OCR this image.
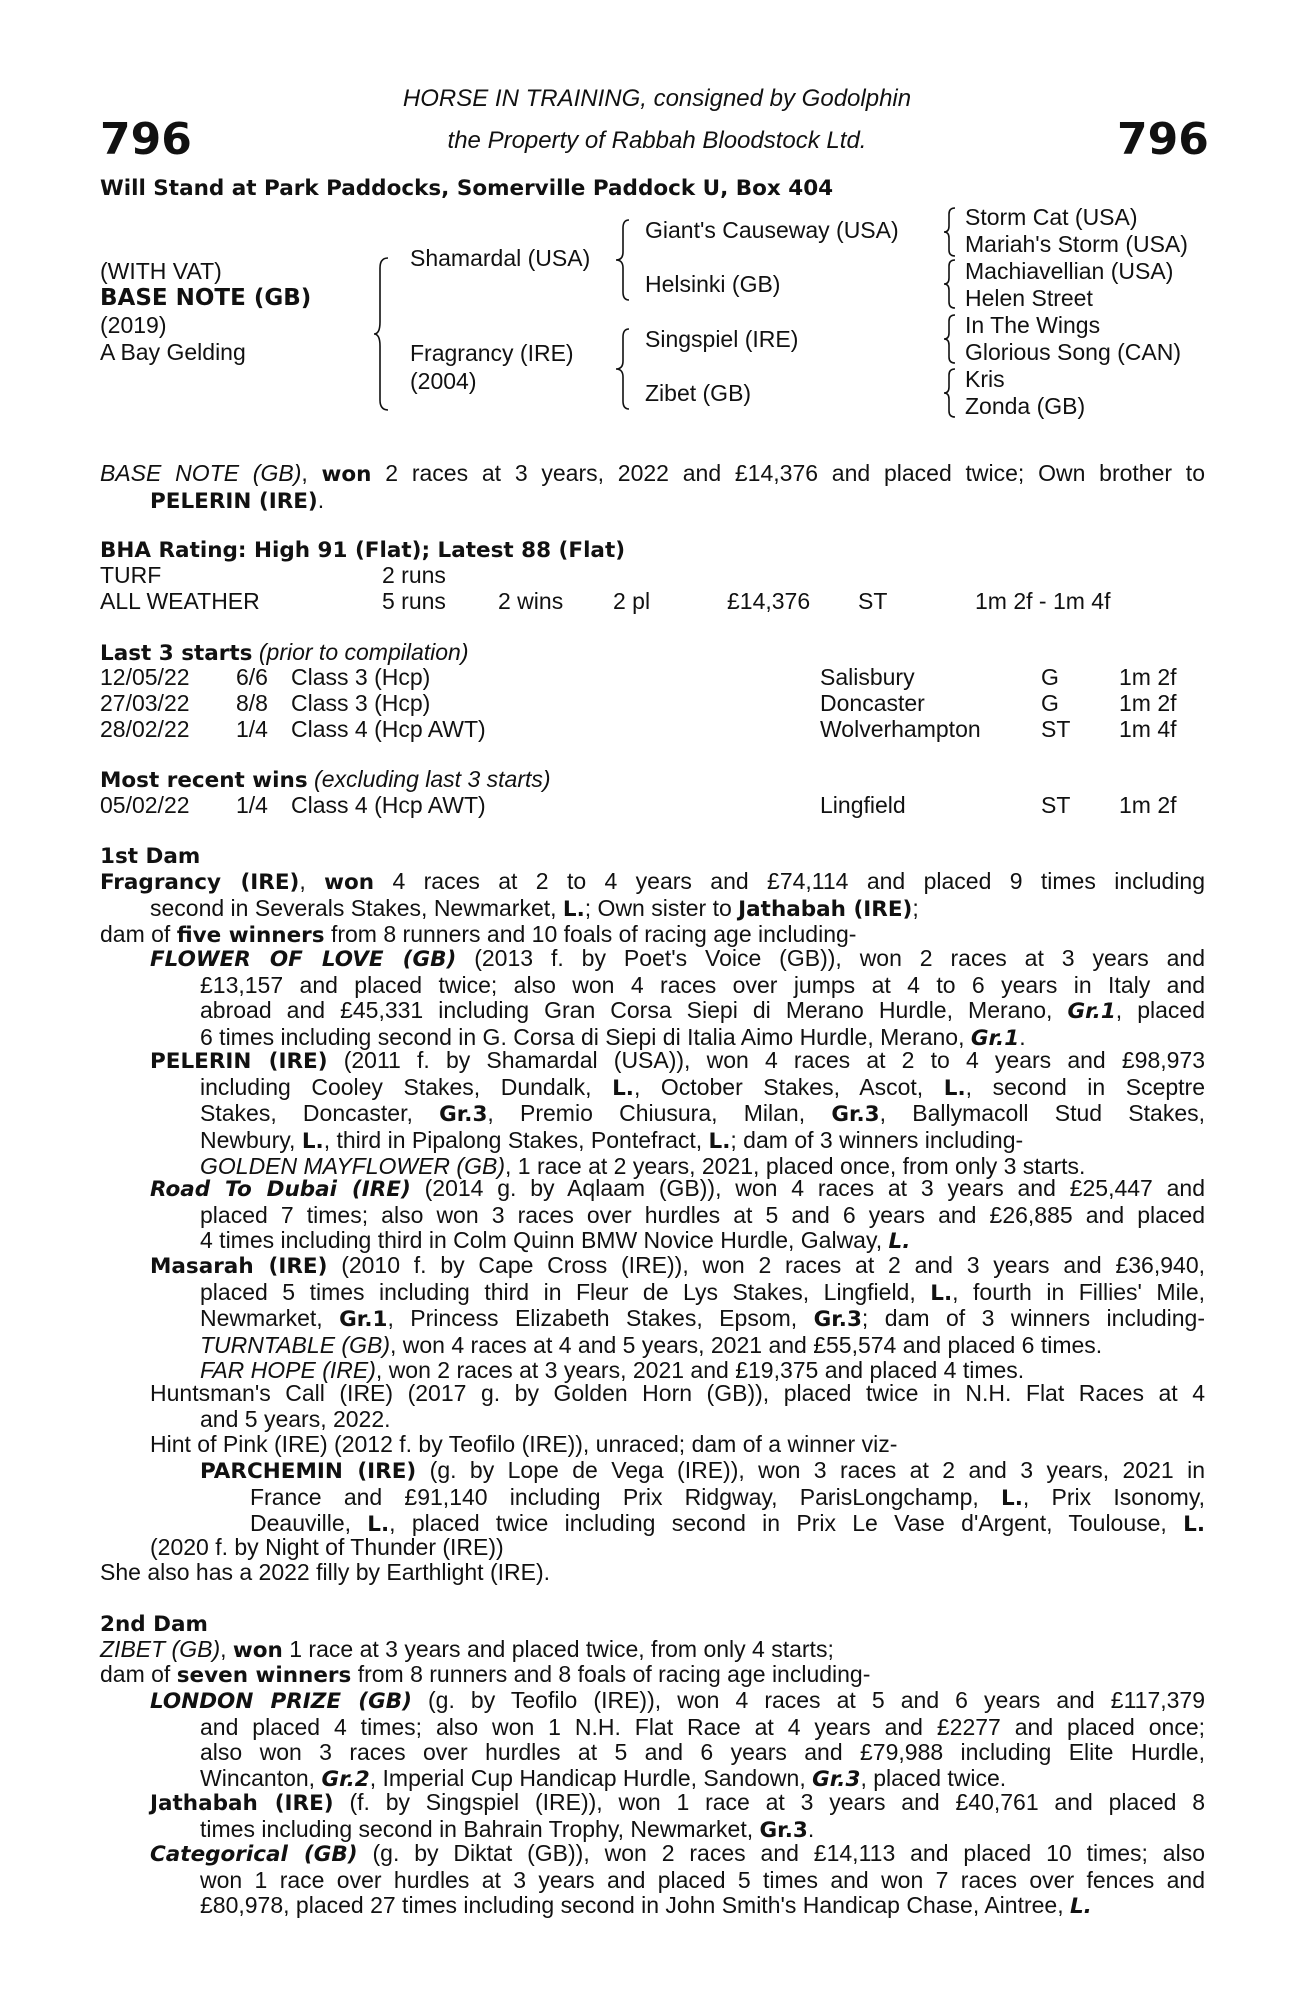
796	796
HORSE IN TRAINING, consigned by Godolphin
the Property of Rabbah Bloodstock Ltd.
Will Stand at Park Paddocks, Somerville Paddock U, Box 404
(WITH VAT)
BASE NOTE (GB)
(2019)
A Bay Gelding
Shamardal (USA)
Fragrancy (IRE)
(2004)
Giant's Causeway (USA)
Helsinki (GB)
Singspiel (IRE)
Zibet (GB)
Storm Cat (USA)
Mariah's Storm (USA)
Machiavellian (USA)
Helen Street
In The Wings
Glorious Song (CAN)
Kris
Zonda (GB)
BASE NOTE (GB), won 2 races at 3 years, 2022 and £14,376 and placed twice; Own brother to
PELERIN (IRE).
BHA Rating: High 91 (Flat); Latest 88 (Flat)
TURF	2 runs
ALL WEATHER	5 runs 2 wins 2 pl	£14,376 ST	1m 2f - 1m 4f
Last 3 starts (prior to compilation)
12/05/22 6/6 Class 3 (Hcp)	Salisbury	G	1m 2f
27/03/22 8/8 Class 3 (Hcp)	Doncaster	G	1m 2f
28/02/22 1/4 Class 4 (Hcp AWT)	Wolverhampton	ST 1m 4f
Most recent wins (excluding last 3 starts)
05/02/22 1/4 Class 4 (Hcp AWT)	Lingfield	ST 1m 2f
1st Dam
Fragrancy (IRE), won 4 races at 2 to 4 years and £74,114 and placed 9 times including
second in Severals Stakes, Newmarket, L.; Own sister to Jathabah (IRE);
dam of five winners from 8 runners and 10 foals of racing age including-
FLOWER OF LOVE (GB) (2013 f. by Poet's Voice (GB)), won 2 races at 3 years and
£13,157 and placed twice; also won 4 races over jumps at 4 to 6 years in Italy and
abroad and £45,331 including Gran Corsa Siepi di Merano Hurdle, Merano, Gr.1, placed
6 times including second in G. Corsa di Siepi di Italia Aimo Hurdle, Merano, Gr.1.
PELERIN (IRE) (2011 f. by Shamardal (USA)), won 4 races at 2 to 4 years and £98,973
including Cooley Stakes, Dundalk, L., October Stakes, Ascot, L., second in Sceptre
Stakes, Doncaster, Gr.3, Premio Chiusura, Milan, Gr.3, Ballymacoll Stud Stakes,
Newbury, L., third in Pipalong Stakes, Pontefract, L.; dam of 3 winners including-
GOLDEN MAYFLOWER (GB), 1 race at 2 years, 2021, placed once, from only 3 starts.
Road To Dubai (IRE) (2014 g. by Aqlaam (GB)), won 4 races at 3 years and £25,447 and
placed 7 times; also won 3 races over hurdles at 5 and 6 years and £26,885 and placed
4 times including third in Colm Quinn BMW Novice Hurdle, Galway, L.
Masarah (IRE) (2010 f. by Cape Cross (IRE)), won 2 races at 2 and 3 years and £36,940,
placed 5 times including third in Fleur de Lys Stakes, Lingfield, L., fourth in Fillies' Mile,
Newmarket, Gr.1, Princess Elizabeth Stakes, Epsom, Gr.3; dam of 3 winners including-
TURNTABLE (GB), won 4 races at 4 and 5 years, 2021 and £55,574 and placed 6 times.
FAR HOPE (IRE), won 2 races at 3 years, 2021 and £19,375 and placed 4 times.
Huntsman's Call (IRE) (2017 g. by Golden Horn (GB)), placed twice in N.H. Flat Races at 4
and 5 years, 2022.
Hint of Pink (IRE) (2012 f. by Teofilo (IRE)), unraced; dam of a winner viz-
PARCHEMIN (IRE) (g. by Lope de Vega (IRE)), won 3 races at 2 and 3 years, 2021 in
France and £91,140 including Prix Ridgway, ParisLongchamp, L., Prix Isonomy,
Deauville, L., placed twice including second in Prix Le Vase d'Argent, Toulouse, L.
(2020 f. by Night of Thunder (IRE))
She also has a 2022 filly by Earthlight (IRE).
2nd Dam
ZIBET (GB), won 1 race at 3 years and placed twice, from only 4 starts;
dam of seven winners from 8 runners and 8 foals of racing age including-
LONDON PRIZE (GB) (g. by Teofilo (IRE)), won 4 races at 5 and 6 years and £117,379
and placed 4 times; also won 1 N.H. Flat Race at 4 years and £2277 and placed once;
also won 3 races over hurdles at 5 and 6 years and £79,988 including Elite Hurdle,
Wincanton, Gr.2, Imperial Cup Handicap Hurdle, Sandown, Gr.3, placed twice.
Jathabah (IRE) (f. by Singspiel (IRE)), won 1 race at 3 years and £40,761 and placed 8
times including second in Bahrain Trophy, Newmarket, Gr.3.
Categorical (GB) (g. by Diktat (GB)), won 2 races and £14,113 and placed 10 times; also
won 1 race over hurdles at 3 years and placed 5 times and won 7 races over fences and
£80,978, placed 27 times including second in John Smith's Handicap Chase, Aintree, L.
